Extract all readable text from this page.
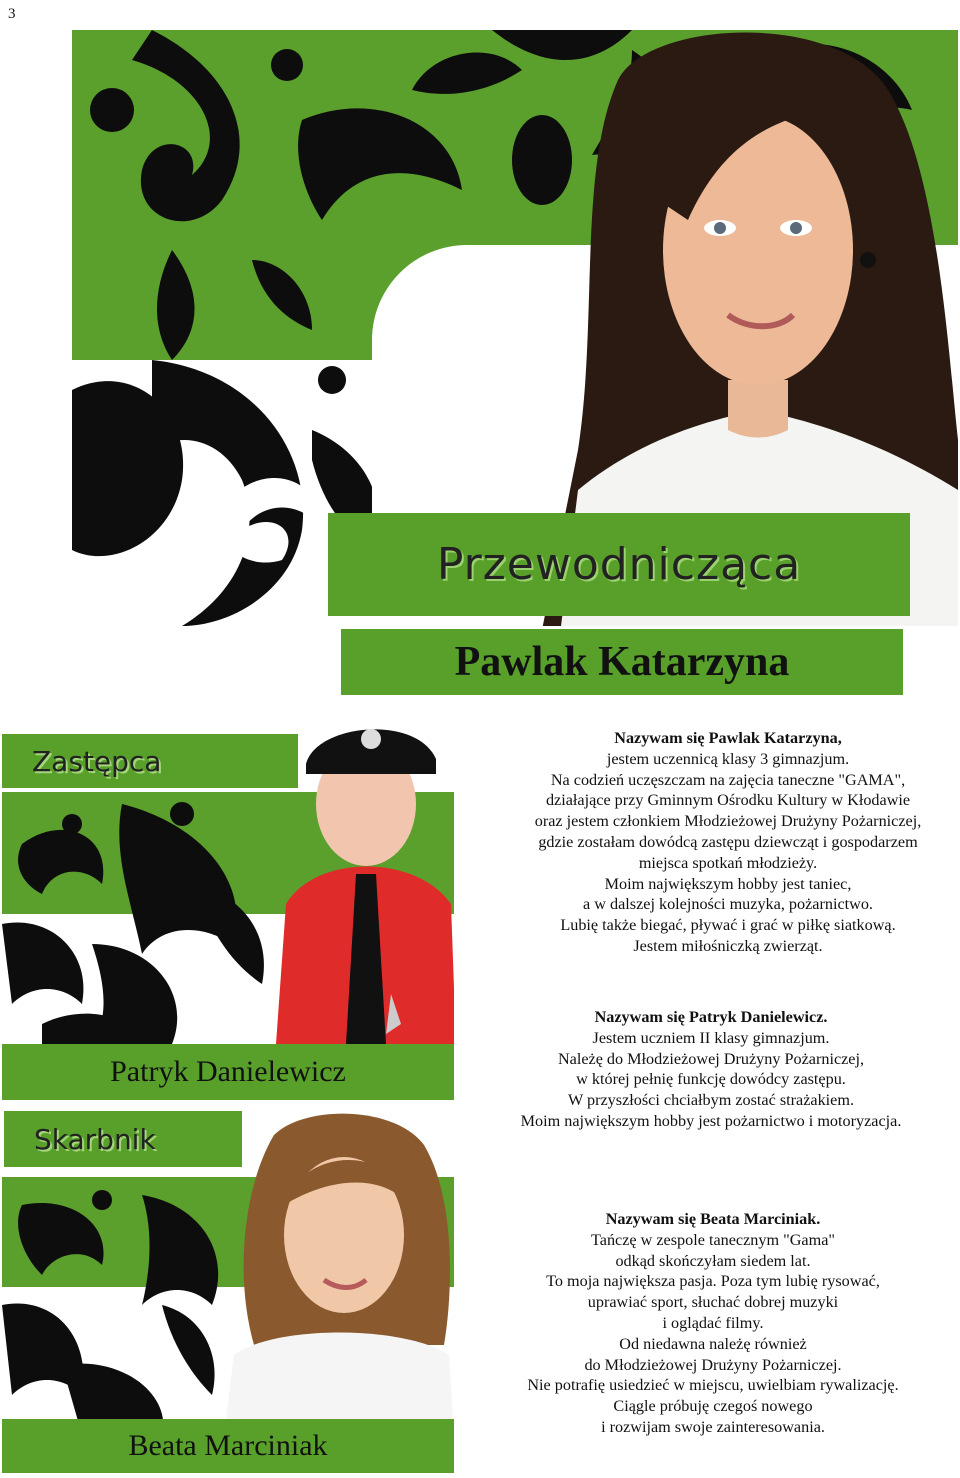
3
Przewodnicząca
Pawlak Katarzyna
Zastępca
Patryk Danielewicz
Skarbnik
Beata Marciniak
Nazywam się Pawlak Katarzyna,
jestem uczennicą klasy 3 gimnazjum.
Na codzień uczęszczam na zajęcia taneczne "GAMA",
działające przy Gminnym Ośrodku Kultury w Kłodawie
oraz jestem członkiem Młodzieżowej Drużyny Pożarniczej,
gdzie zostałam dowódcą zastępu dziewcząt i gospodarzem
miejsca spotkań młodzieży.
Moim największym hobby jest taniec,
a w dalszej kolejności muzyka, pożarnictwo.
Lubię także biegać, pływać i grać w piłkę siatkową.
Jestem miłośniczką zwierząt.
Nazywam się Patryk Danielewicz.
Jestem uczniem II klasy gimnazjum.
Należę do Młodzieżowej Drużyny Pożarniczej,
w której pełnię funkcję dowódcy zastępu.
W przyszłości chciałbym zostać strażakiem.
Moim największym hobby jest pożarnictwo i motoryzacja.
Nazywam się Beata Marciniak.
Tańczę w zespole tanecznym "Gama"
odkąd skończyłam siedem lat.
To moja największa pasja. Poza tym lubię rysować,
uprawiać sport, słuchać dobrej muzyki
i oglądać filmy.
Od niedawna należę również
do Młodzieżowej Drużyny Pożarniczej.
Nie potrafię usiedzieć w miejscu, uwielbiam rywalizację.
Ciągle próbuję czegoś nowego
i rozwijam swoje zainteresowania.
